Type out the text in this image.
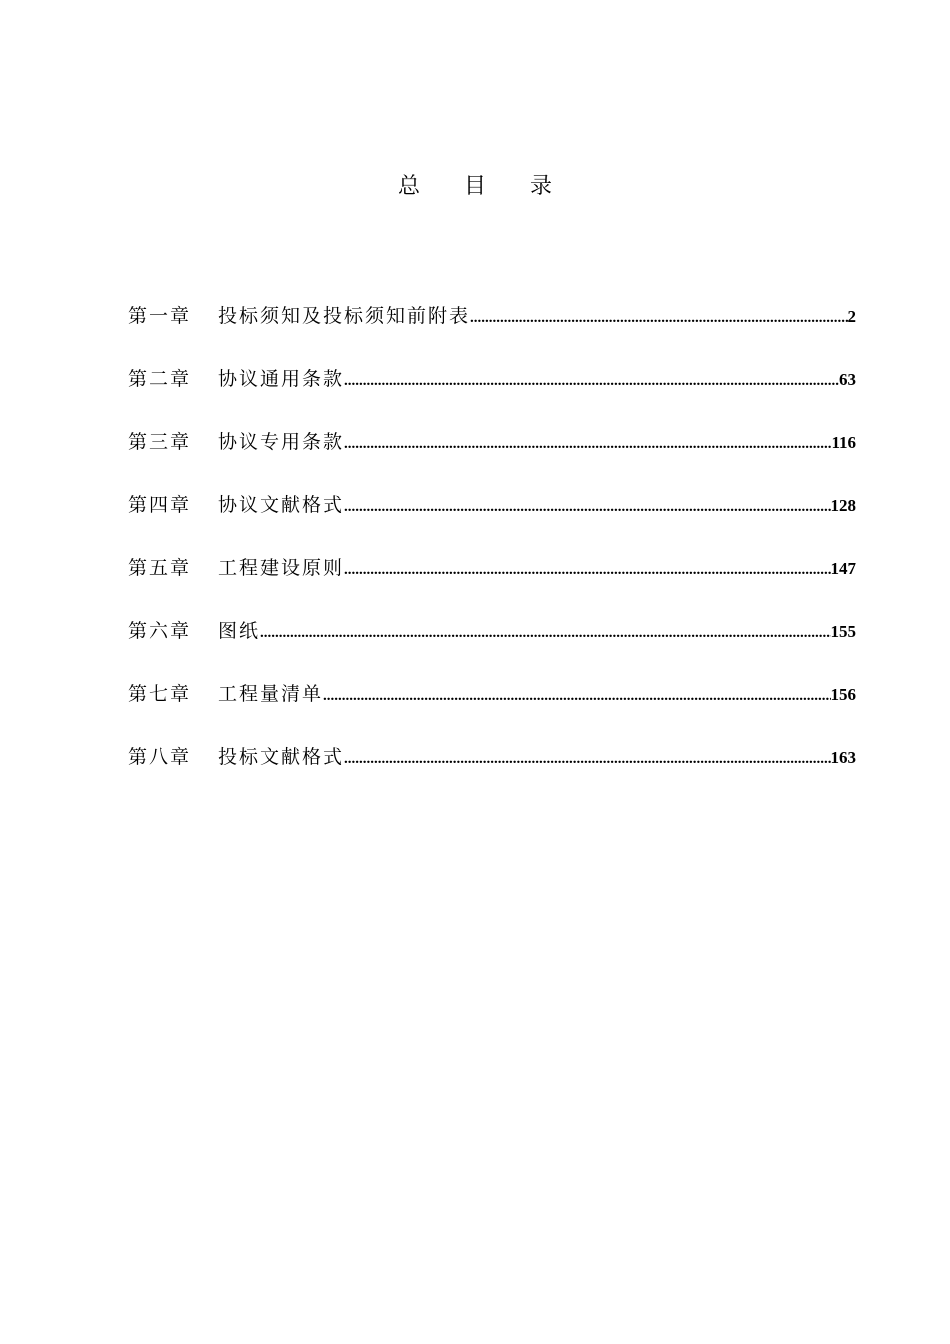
总目录
第一章	投标须知及投标须知前附表 .....	2
第二章	协议通用条款 .....	63
第三章	协议专用条款 .....	116
第四章	协议文献格式 .....	128
第五章	工程建设原则 .....	147
第六章	图纸 .....	155
第七章	工程量清单 .....	156
第八章	投标文献格式 .....	163
